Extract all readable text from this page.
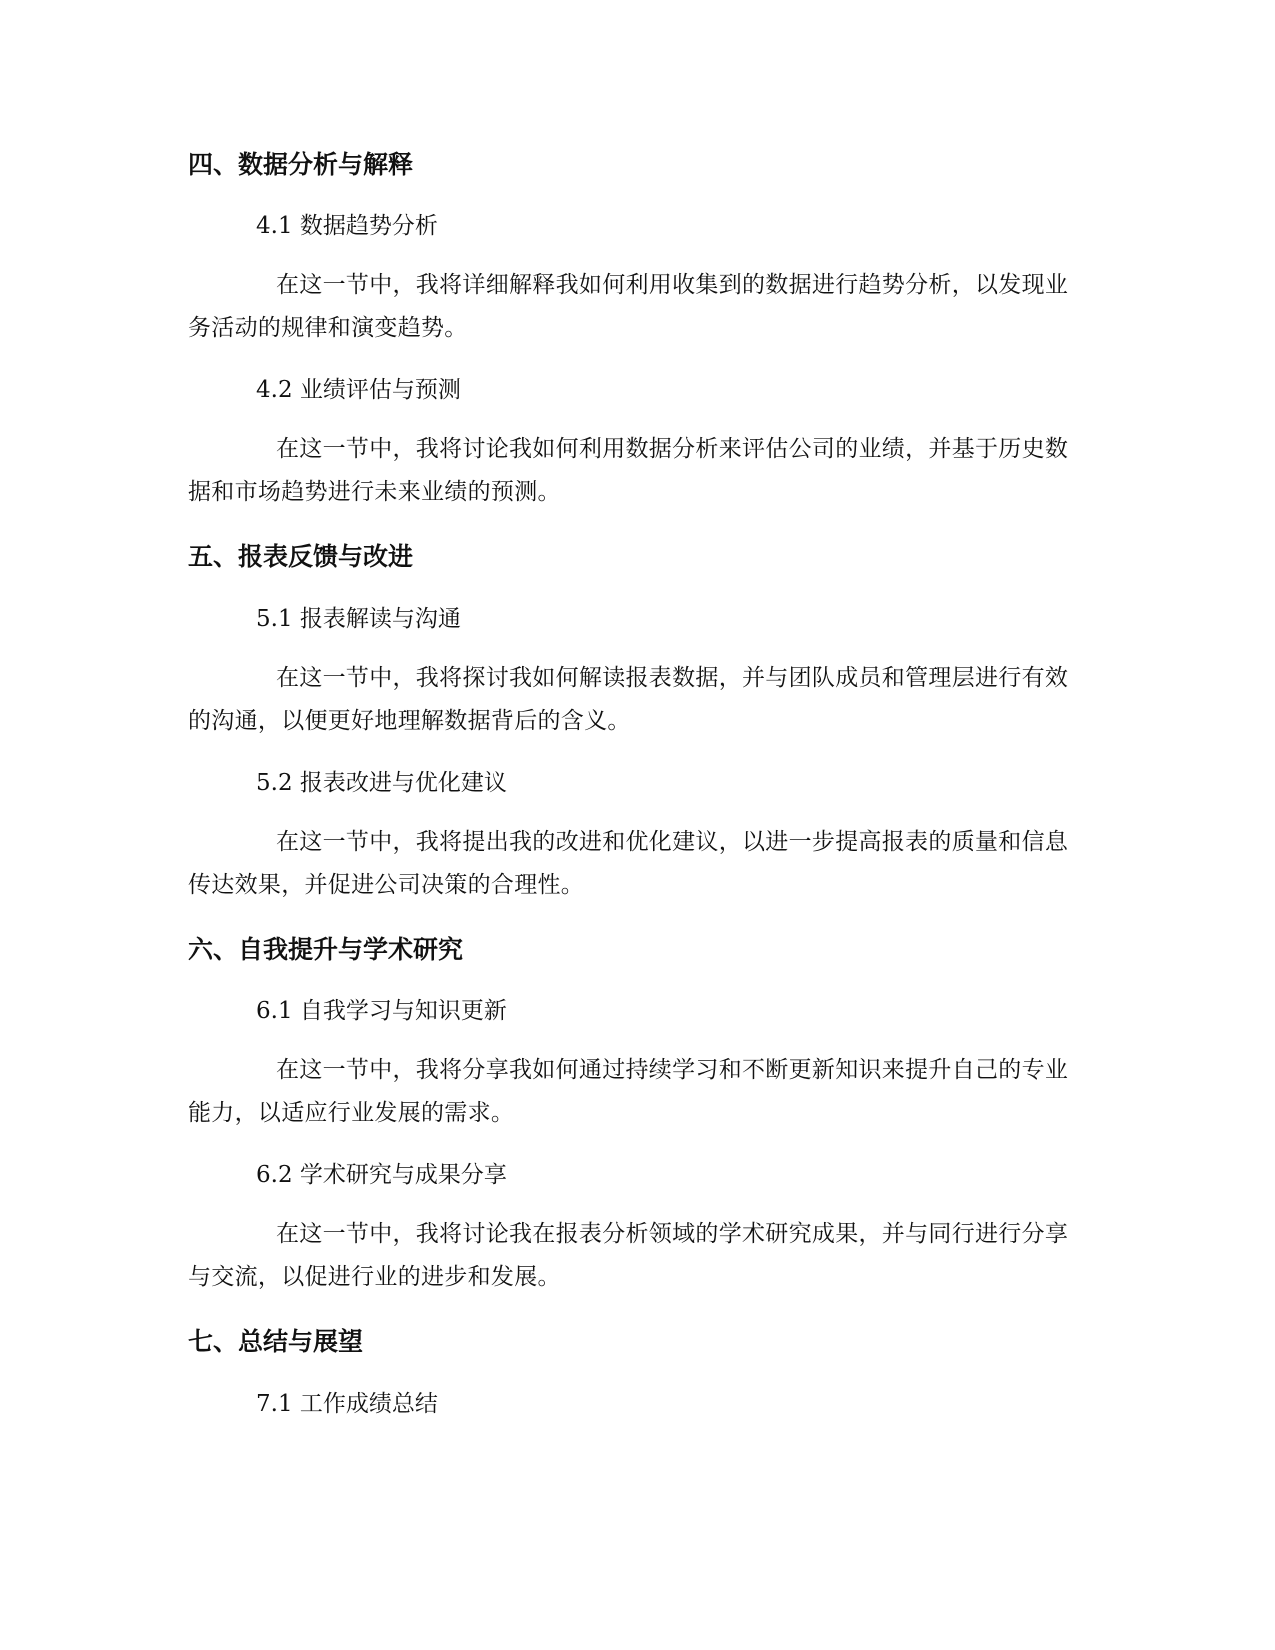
四、数据分析与解释
4.1 数据趋势分析
在这一节中，我将详细解释我如何利用收集到的数据进行趋势分析，以发现业务活动的规律和演变趋势。
4.2 业绩评估与预测
在这一节中，我将讨论我如何利用数据分析来评估公司的业绩，并基于历史数据和市场趋势进行未来业绩的预测。
五、报表反馈与改进
5.1 报表解读与沟通
在这一节中，我将探讨我如何解读报表数据，并与团队成员和管理层进行有效的沟通，以便更好地理解数据背后的含义。
5.2 报表改进与优化建议
在这一节中，我将提出我的改进和优化建议，以进一步提高报表的质量和信息传达效果，并促进公司决策的合理性。
六、自我提升与学术研究
6.1 自我学习与知识更新
在这一节中，我将分享我如何通过持续学习和不断更新知识来提升自己的专业能力，以适应行业发展的需求。
6.2 学术研究与成果分享
在这一节中，我将讨论我在报表分析领域的学术研究成果，并与同行进行分享与交流，以促进行业的进步和发展。
七、总结与展望
7.1 工作成绩总结
